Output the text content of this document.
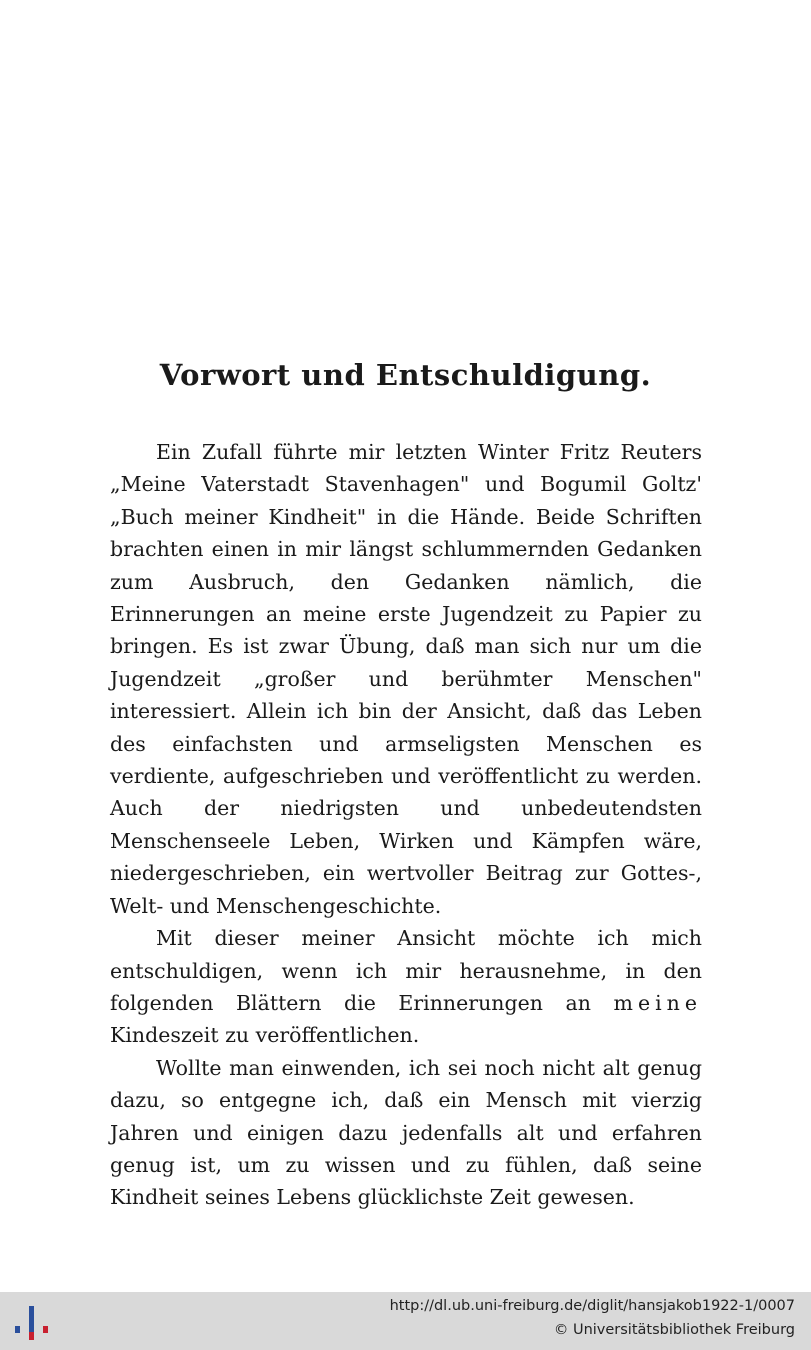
Vorwort und Entschuldigung.

Ein Zufall führte mir letzten Winter Fritz Reuters „Meine Vaterstadt Stavenhagen" und Bogumil Goltz' „Buch meiner Kindheit" in die Hände. Beide Schriften brachten einen in mir längst schlummernden Gedanken zum Ausbruch, den Gedanken nämlich, die Erinnerungen an meine erste Jugendzeit zu Papier zu bringen. Es ist zwar Übung, daß man sich nur um die Jugendzeit „großer und berühmter Menschen" interessiert. Allein ich bin der Ansicht, daß das Leben des einfachsten und armseligsten Menschen es verdiente, aufgeschrieben und veröffentlicht zu werden. Auch der niedrigsten und unbedeutendsten Menschenseele Leben, Wirken und Kämpfen wäre, niedergeschrieben, ein wertvoller Beitrag zur Gottes-, Welt- und Menschengeschichte.

Mit dieser meiner Ansicht möchte ich mich entschuldigen, wenn ich mir herausnehme, in den folgenden Blättern die Erinnerungen an meine Kindeszeit zu veröffentlichen.

Wollte man einwenden, ich sei noch nicht alt genug dazu, so entgegne ich, daß ein Mensch mit vierzig Jahren und einigen dazu jedenfalls alt und erfahren genug ist, um zu wissen und zu fühlen, daß seine Kindheit seines Lebens glücklichste Zeit gewesen.

http://dl.ub.uni-freiburg.de/diglit/hansjakob1922-1/0007
© Universitätsbibliothek Freiburg
